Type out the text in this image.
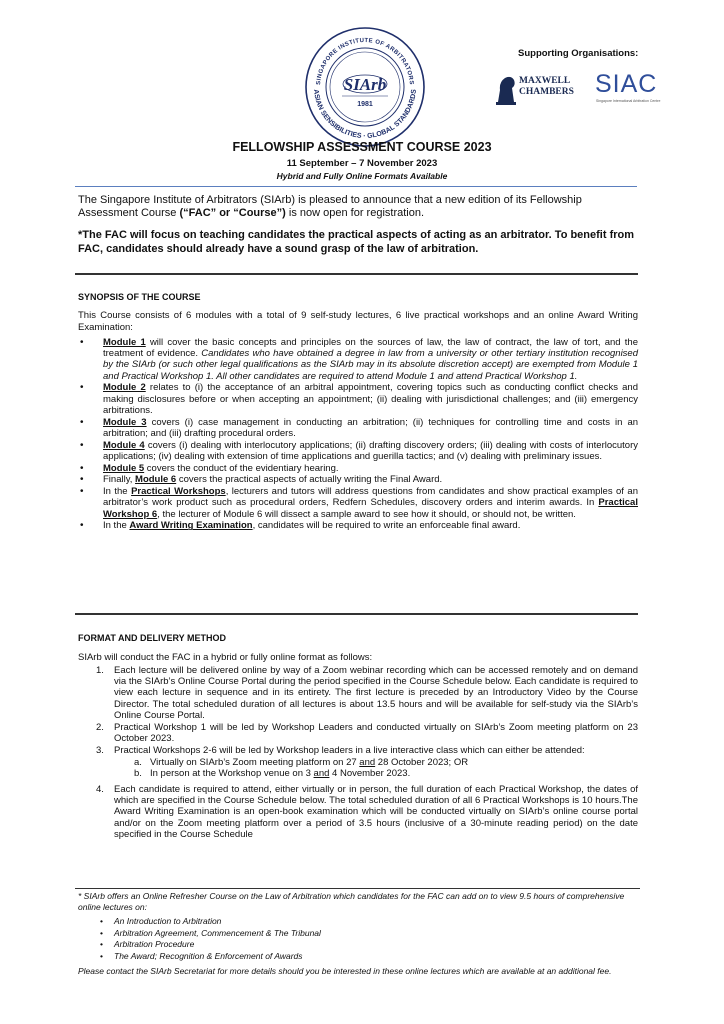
SINGAPORE INSTITUTE OF ARBITRATORS
ASIAN SENSIBILITIES · GLOBAL STANDARDS
SIArb
1981
Supporting Organisations:
MAXWELL
CHAMBERS SIAC
Singapore International Arbitration Centre
FELLOWSHIP ASSESSMENT COURSE 2023
11 September – 7 November 2023
Hybrid and Fully Online Formats Available

The Singapore Institute of Arbitrators (SIArb) is pleased to announce that a new edition of its Fellowship Assessment Course (“FAC” or “Course”) is now open for registration.

*The FAC will focus on teaching candidates the practical aspects of acting as an arbitrator. To benefit from FAC, candidates should already have a sound grasp of the law of arbitration.

SYNOPSIS OF THE COURSE

This Course consists of 6 modules with a total of 9 self-study lectures, 6 live practical workshops and an online Award Writing Examination:

• Module 1 will cover the basic concepts and principles on the sources of law, the law of contract, the law of tort, and the treatment of evidence. Candidates who have obtained a degree in law from a university or other tertiary institution recognised by the SIArb (or such other legal qualifications as the SIArb may in its absolute discretion accept) are exempted from Module 1 and Practical Workshop 1. All other candidates are required to attend Module 1 and attend Practical Workshop 1.
• Module 2 relates to (i) the acceptance of an arbitral appointment, covering topics such as conducting conflict checks and making disclosures before or when accepting an appointment; (ii) dealing with jurisdictional challenges; and (iii) emergency arbitrations.
• Module 3 covers (i) case management in conducting an arbitration; (ii) techniques for controlling time and costs in an arbitration; and (iii) drafting procedural orders.
• Module 4 covers (i) dealing with interlocutory applications; (ii) drafting discovery orders; (iii) dealing with costs of interlocutory applications; (iv) dealing with extension of time applications and guerilla tactics; and (v) dealing with preliminary issues.
• Module 5 covers the conduct of the evidentiary hearing.
• Finally, Module 6 covers the practical aspects of actually writing the Final Award.
• In the Practical Workshops, lecturers and tutors will address questions from candidates and show practical examples of an arbitrator’s work product such as procedural orders, Redfern Schedules, discovery orders and interim awards. In Practical Workshop 6, the lecturer of Module 6 will dissect a sample award to see how it should, or should not, be written.
• In the Award Writing Examination, candidates will be required to write an enforceable final award.
FORMAT AND DELIVERY METHOD

SIArb will conduct the FAC in a hybrid or fully online format as follows:

1. Each lecture will be delivered online by way of a Zoom webinar recording which can be accessed remotely and on demand via the SIArb’s Online Course Portal during the period specified in the Course Schedule below. Each candidate is required to view each lecture in sequence and in its entirety. The first lecture is preceded by an Introductory Video by the Course Director. The total scheduled duration of all lectures is about 13.5 hours and will be available for self-study via the SIArb’s Online Course Portal.
2. Practical Workshop 1 will be led by Workshop Leaders and conducted virtually on SIArb’s Zoom meeting platform on 23 October 2023.
3. Practical Workshops 2-6 will be led by Workshop leaders in a live interactive class which can either be attended:
a. Virtually on SIArb’s Zoom meeting platform on 27 and 28 October 2023; OR
b. In person at the Workshop venue on 3 and 4 November 2023.
4. Each candidate is required to attend, either virtually or in person, the full duration of each Practical Workshop, the dates of which are specified in the Course Schedule below. The total scheduled duration of all 6 Practical Workshops is 10 hours.The Award Writing Examination is an open-book examination which will be conducted virtually on SIArb’s online course portal and/or on the Zoom meeting platform over a period of 3.5 hours (inclusive of a 30-minute reading period) on the date specified in the Course Schedule

* SIArb offers an Online Refresher Course on the Law of Arbitration which candidates for the FAC can add on to view 9.5 hours of comprehensive online lectures on:

• An Introduction to Arbitration
• Arbitration Agreement, Commencement & The Tribunal
• Arbitration Procedure
• The Award; Recognition & Enforcement of Awards

Please contact the SIArb Secretariat for more details should you be interested in these online lectures which are available at an additional fee.
